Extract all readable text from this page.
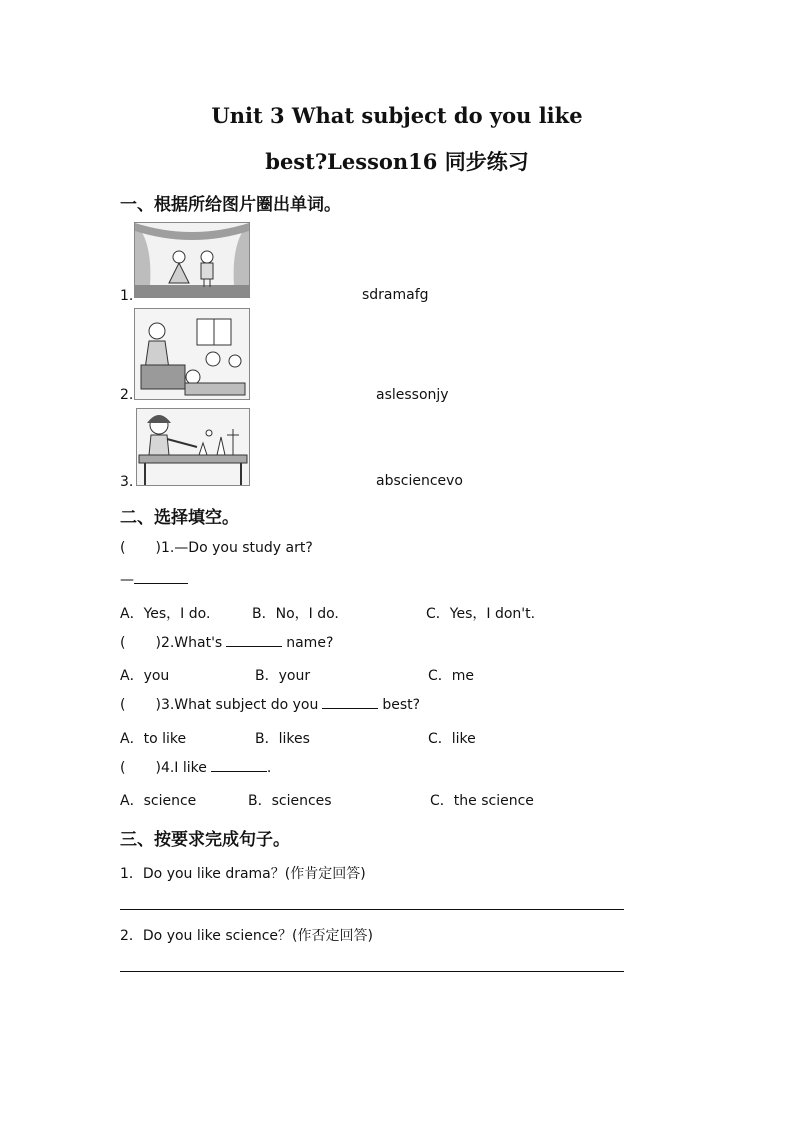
Unit 3 What subject do you like
best?Lesson16 同步练习
一、根据所给图片圈出单词。
1.	sdramafg
2.	aslessonjy
3.	absciencevo
二、选择填空。
( )1.—Do you study art?
—
A．Yes，I do.	B．No，I do.	C．Yes，I don't.
( )2.What's	name?
A．you	B．your	C．me
( )3.What subject do you	best?
A．to like	B．likes	C．like
( )4.I like	.
A．science	B．sciences	C．the science
三、按要求完成句子。
1．Do you like drama？(作肯定回答)
2．Do you like science？(作否定回答)
